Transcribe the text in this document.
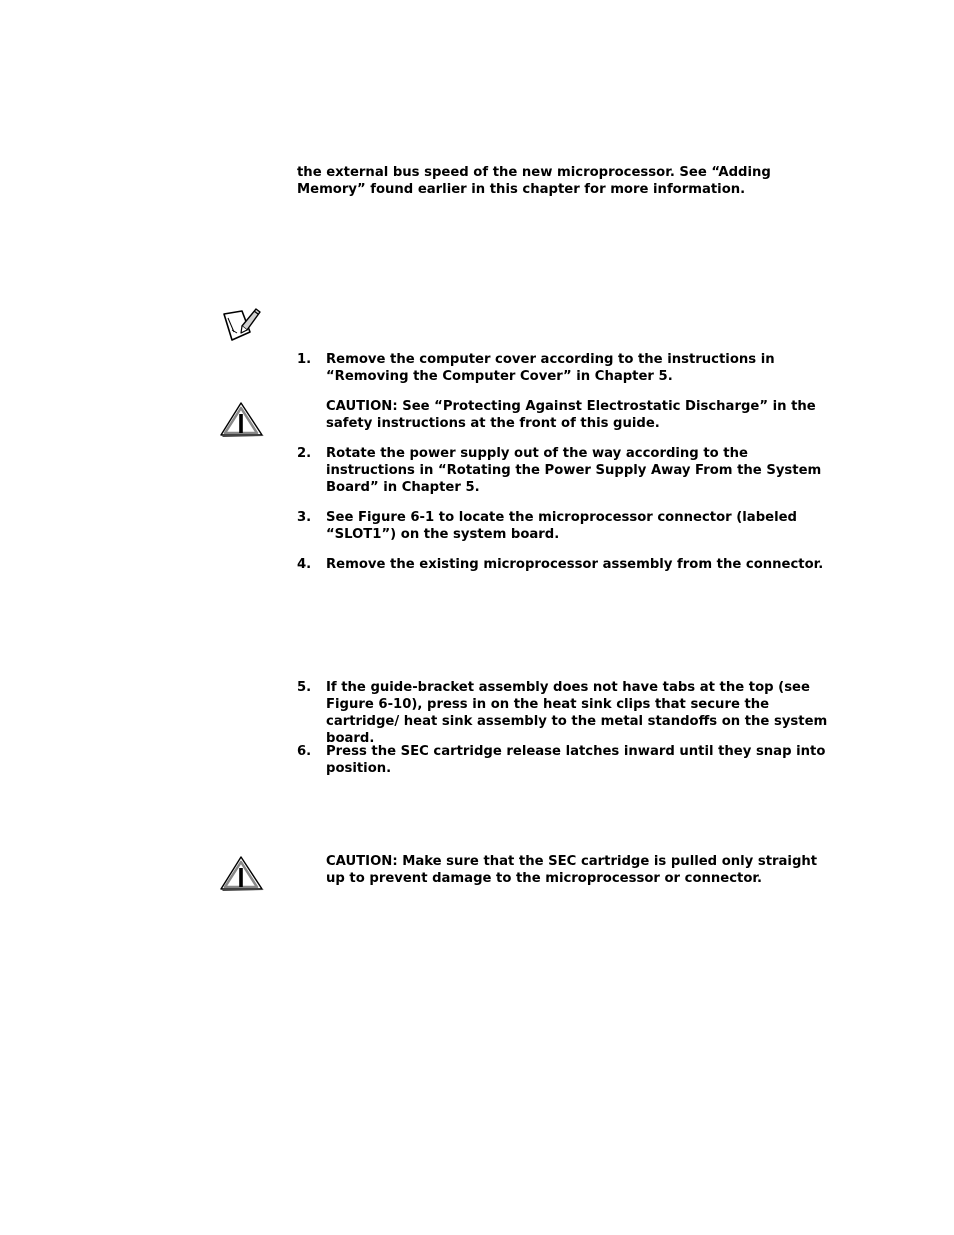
the external bus speed of the new microprocessor. See “Adding Memory” found earlier in this chapter for more information.
1.	Remove the computer cover according to the instructions in “Removing the Computer Cover” in Chapter 5.
CAUTION: See “Protecting Against Electrostatic Discharge” in the safety instructions at the front of this guide.
2.	Rotate the power supply out of the way according to the instructions in “Rotating the Power Supply Away From the System Board” in Chapter 5.
3.	See Figure 6-1 to locate the microprocessor connector (labeled “SLOT1”) on the system board.
4.	Remove the existing microprocessor assembly from the connector.
5.	If the guide-bracket assembly does not have tabs at the top (see Figure 6-10), press in on the heat sink clips that secure the cartridge/ heat sink assembly to the metal standoffs on the system board.
6.	Press the SEC cartridge release latches inward until they snap into position.
CAUTION: Make sure that the SEC cartridge is pulled only straight up to prevent damage to the microprocessor or connector.
